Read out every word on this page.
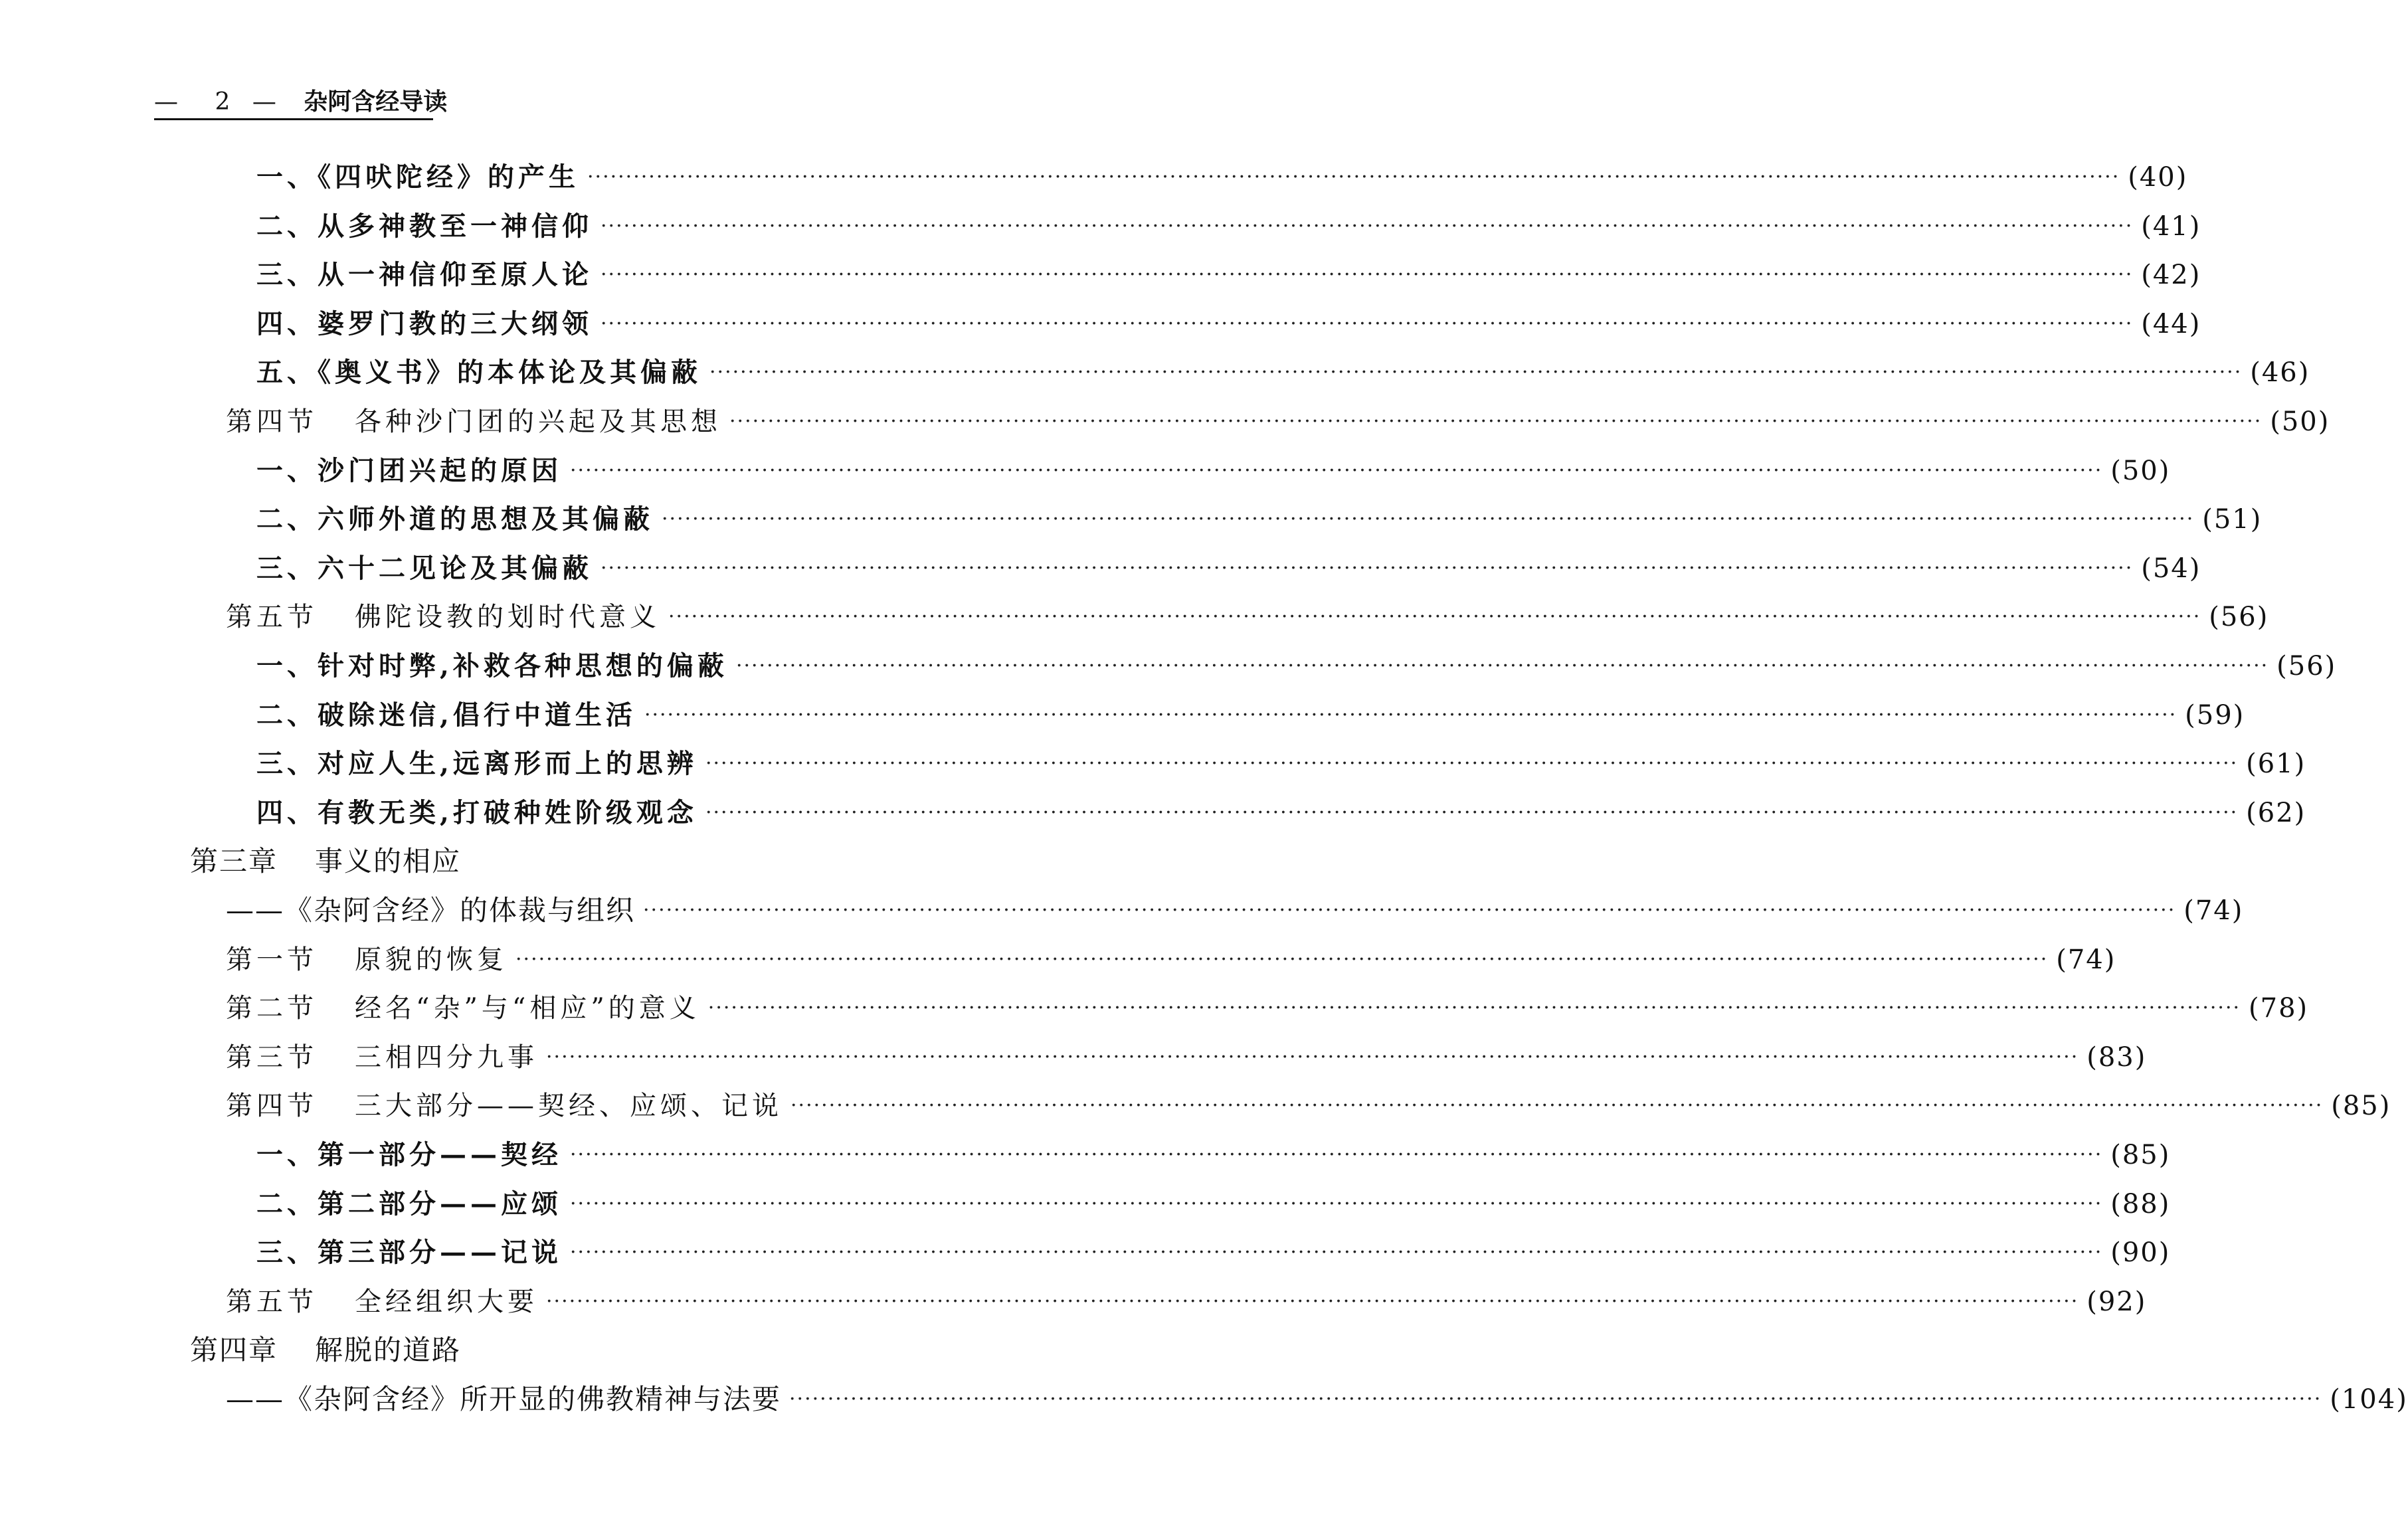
— 2 — 杂阿含经导读
一、《四吠陀经》的产生 ········································································································································································································ (40)
二、从多神教至一神信仰 ········································································································································································································ (41)
三、从一神信仰至原人论 ········································································································································································································ (42)
四、婆罗门教的三大纲领 ········································································································································································································ (44)
五、《奥义书》的本体论及其偏蔽 ········································································································································································································ (46)
第四节 各种沙门团的兴起及其思想 ········································································································································································································ (50)
一、沙门团兴起的原因 ········································································································································································································ (50)
二、六师外道的思想及其偏蔽 ········································································································································································································ (51)
三、六十二见论及其偏蔽 ········································································································································································································ (54)
第五节 佛陀设教的划时代意义 ········································································································································································································ (56)
一、针对时弊,补救各种思想的偏蔽 ········································································································································································································ (56)
二、破除迷信,倡行中道生活 ········································································································································································································ (59)
三、对应人生,远离形而上的思辨 ········································································································································································································ (61)
四、有教无类,打破种姓阶级观念 ········································································································································································································ (62)
第三章 事义的相应
——《杂阿含经》的体裁与组织 ········································································································································································································ (74)
第一节 原貌的恢复 ········································································································································································································ (74)
第二节 经名“杂”与“相应”的意义 ········································································································································································································ (78)
第三节 三相四分九事 ········································································································································································································ (83)
第四节 三大部分——契经、应颂、记说 ········································································································································································································ (85)
一、第一部分——契经 ········································································································································································································ (85)
二、第二部分——应颂 ········································································································································································································ (88)
三、第三部分——记说 ········································································································································································································ (90)
第五节 全经组织大要 ········································································································································································································ (92)
第四章 解脱的道路
——《杂阿含经》所开显的佛教精神与法要 ········································································································································································································ (104)
